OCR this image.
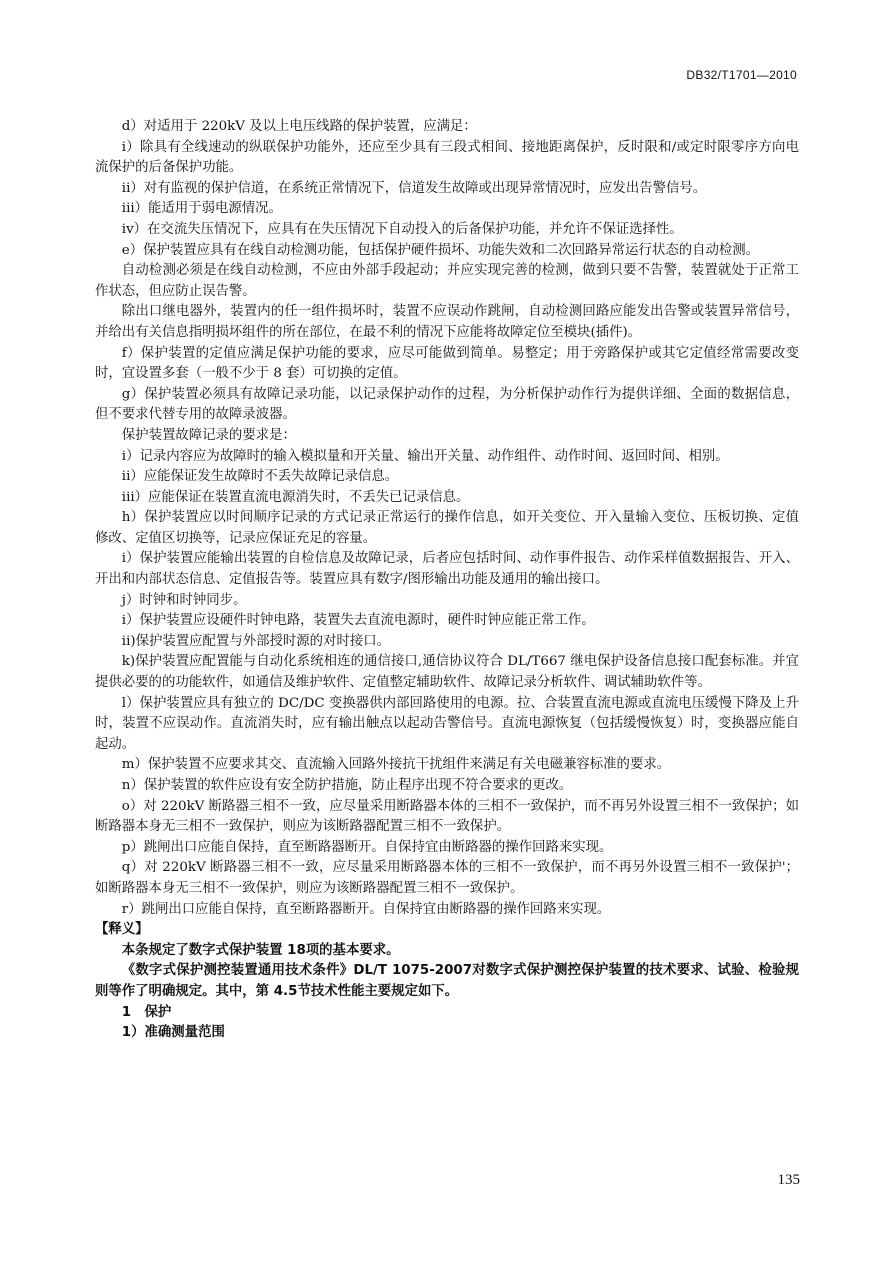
DB32/T1701—2010

d）对适用于 220kV 及以上电压线路的保护装置，应满足：

i）除具有全线速动的纵联保护功能外，还应至少具有三段式相间、接地距离保护，反时限和/或定时限零序方向电流保护的后备保护功能。

ii）对有监视的保护信道，在系统正常情况下，信道发生故障或出现异常情况时，应发出告警信号。

iii）能适用于弱电源情况。

iv）在交流失压情况下，应具有在失压情况下自动投入的后备保护功能，并允许不保证选择性。

e）保护装置应具有在线自动检测功能，包括保护硬件损坏、功能失效和二次回路异常运行状态的自动检测。

自动检测必须是在线自动检测，不应由外部手段起动；并应实现完善的检测，做到只要不告警，装置就处于正常工作状态，但应防止误告警。

除出口继电器外，装置内的任一组件损坏时，装置不应误动作跳闸，自动检测回路应能发出告警或装置异常信号，并给出有关信息指明损坏组件的所在部位，在最不利的情况下应能将故障定位至模块(插件)。

f）保护装置的定值应满足保护功能的要求，应尽可能做到简单。易整定；用于旁路保护或其它定值经常需要改变时，宜设置多套（一般不少于 8 套）可切换的定值。

g）保护装置必须具有故障记录功能，以记录保护动作的过程，为分析保护动作行为提供详细、全面的数据信息，但不要求代替专用的故障录波器。

保护装置故障记录的要求是：

i）记录内容应为故障时的输入模拟量和开关量、输出开关量、动作组件、动作时间、返回时间、相别。

ii）应能保证发生故障时不丢失故障记录信息。

iii）应能保证在装置直流电源消失时，不丢失已记录信息。

h）保护装置应以时间顺序记录的方式记录正常运行的操作信息，如开关变位、开入量输入变位、压板切换、定值修改、定值区切换等，记录应保证充足的容量。

i）保护装置应能输出装置的自检信息及故障记录，后者应包括时间、动作事件报告、动作采样值数据报告、开入、开出和内部状态信息、定值报告等。装置应具有数字/图形输出功能及通用的输出接口。

j）时钟和时钟同步。

i）保护装置应设硬件时钟电路，装置失去直流电源时，硬件时钟应能正常工作。

ii)保护装置应配置与外部授时源的对时接口。

k)保护装置应配置能与自动化系统相连的通信接口,通信协议符合 DL/T667 继电保护设备信息接口配套标准。并宜提供必要的的功能软件，如通信及维护软件、定值整定辅助软件、故障记录分析软件、调试辅助软件等。

l）保护装置应具有独立的 DC/DC 变换器供内部回路使用的电源。拉、合装置直流电源或直流电压缓慢下降及上升时，装置不应误动作。直流消失时，应有输出触点以起动告警信号。直流电源恢复（包括缓慢恢复）时，变换器应能自起动。

m）保护装置不应要求其交、直流输入回路外接抗干扰组件来满足有关电磁兼容标准的要求。

n）保护装置的软件应设有安全防护措施，防止程序出现不符合要求的更改。

o）对 220kV 断路器三相不一致，应尽量采用断路器本体的三相不一致保护，而不再另外设置三相不一致保护；如断路器本身无三相不一致保护，则应为该断路器配置三相不一致保护。

p）跳闸出口应能自保持，直至断路器断开。自保持宜由断路器的操作回路来实现。

q）对 220kV 断路器三相不一致，应尽量采用断路器本体的三相不一致保护，而不再另外设置三相不一致保护'；如断路器本身无三相不一致保护，则应为该断路器配置三相不一致保护。

r）跳闸出口应能自保持，直至断路器断开。自保持宜由断路器的操作回路来实现。

【释义】

本条规定了数字式保护装置 18项的基本要求。

《数字式保护测控装置通用技术条件》DL/T 1075-2007对数字式保护测控保护装置的技术要求、试验、检验规则等作了明确规定。其中，第 4.5节技术性能主要规定如下。

1　保护

1）准确测量范围

135
